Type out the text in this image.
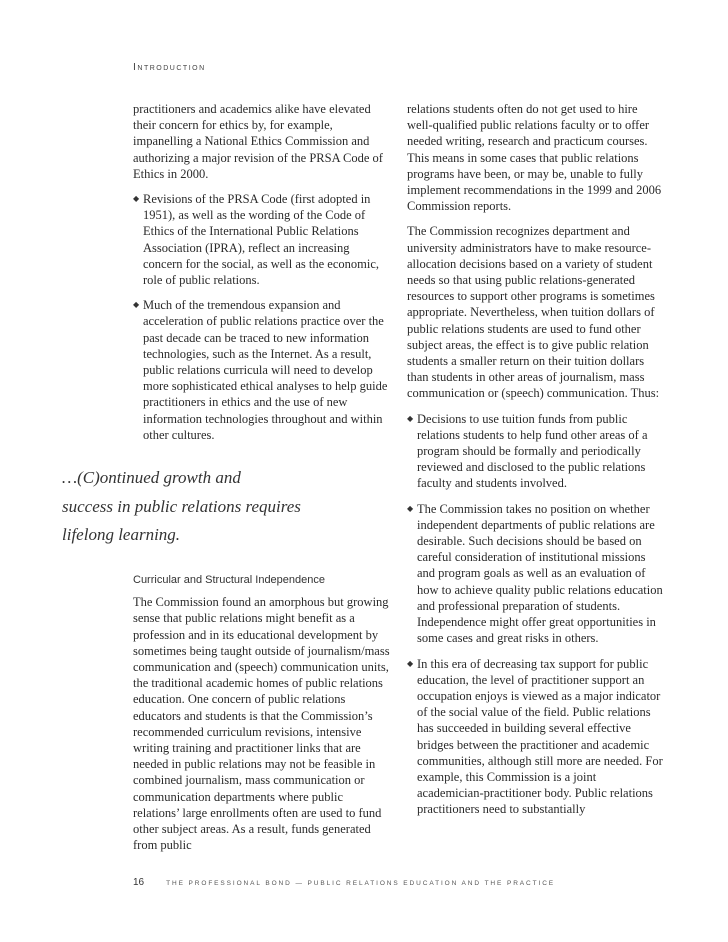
Introduction

practitioners and academics alike have elevated their concern for ethics by, for example, impanelling a National Ethics Commission and authorizing a major revision of the PRSA Code of Ethics in 2000.

◆ Revisions of the PRSA Code (first adopted in 1951), as well as the wording of the Code of Ethics of the International Public Relations Association (IPRA), reflect an increasing concern for the social, as well as the economic, role of public relations.
◆ Much of the tremendous expansion and acceleration of public relations practice over the past decade can be traced to new information technologies, such as the Internet. As a result, public relations curricula will need to develop more sophisticated ethical analyses to help guide practitioners in ethics and the use of new information technologies throughout and within other cultures.
…(C)ontinued growth and
success in public relations requires
lifelong learning.
Curricular and Structural Independence

The Commission found an amorphous but growing sense that public relations might benefit as a profession and in its educational development by sometimes being taught outside of journalism/mass communication and (speech) communication units, the traditional academic homes of public relations education. One concern of public relations educators and students is that the Commission’s recommended curriculum revisions, intensive writing training and practitioner links that are needed in public relations may not be feasible in combined journalism, mass communication or communication departments where public relations’ large enrollments often are used to fund other subject areas. As a result, funds generated from public

relations students often do not get used to hire well-qualified public relations faculty or to offer needed writing, research and practicum courses. This means in some cases that public relations programs have been, or may be, unable to fully implement recommendations in the 1999 and 2006 Commission reports.

The Commission recognizes department and university administrators have to make resource-allocation decisions based on a variety of student needs so that using public relations-generated resources to support other programs is sometimes appropriate. Nevertheless, when tuition dollars of public relations students are used to fund other subject areas, the effect is to give public relation students a smaller return on their tuition dollars than students in other areas of journalism, mass communication or (speech) communication. Thus:

◆ Decisions to use tuition funds from public relations students to help fund other areas of a program should be formally and periodically reviewed and disclosed to the public relations faculty and students involved.
◆ The Commission takes no position on whether independent departments of public relations are desirable. Such decisions should be based on careful consideration of institutional missions and program goals as well as an evaluation of how to achieve quality public relations education and professional preparation of students. Independence might offer great opportunities in some cases and great risks in others.
◆ In this era of decreasing tax support for public education, the level of practitioner support an occupation enjoys is viewed as a major indicator of the social value of the field. Public relations has succeeded in building several effective bridges between the practitioner and academic communities, although still more are needed. For example, this Commission is a joint academician-practitioner body. Public relations practitioners need to substantially
16	THE PROFESSIONAL BOND — PUBLIC RELATIONS EDUCATION AND THE PRACTICE
